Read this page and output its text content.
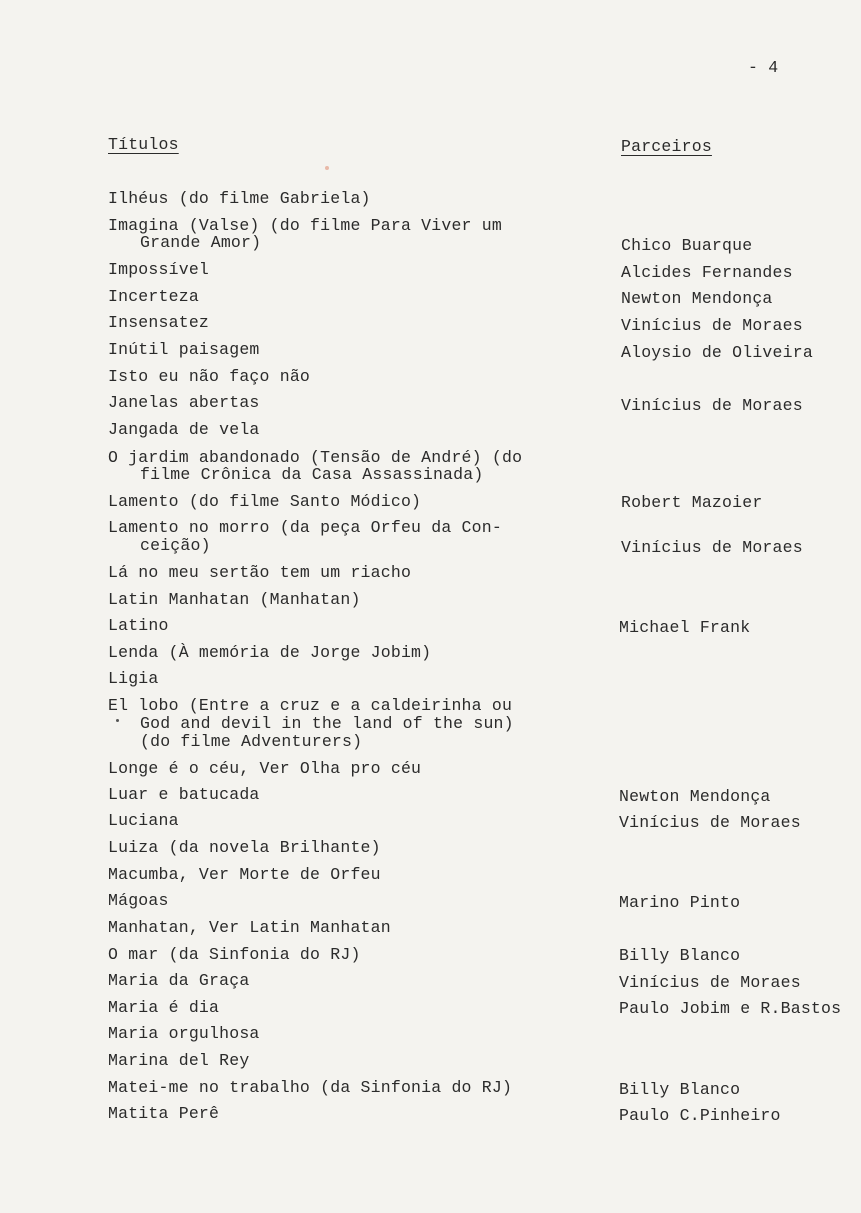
- 4
Títulos	Parceiros
Ilhéus (do filme Gabriela)
Imagina (Valse) (do filme Para Viver um
Grande Amor)
Impossível
Incerteza
Insensatez
Inútil paisagem
Isto eu não faço não
Janelas abertas
Jangada de vela
O jardim abandonado (Tensão de André) (do
filme Crônica da Casa Assassinada)
Lamento (do filme Santo Módico)
Lamento no morro (da peça Orfeu da Con-
ceição)
Lá no meu sertão tem um riacho
Latin Manhatan (Manhatan)
Latino
Lenda (À memória de Jorge Jobim)
Ligia
El lobo (Entre a cruz e a caldeirinha ou
God and devil in the land of the sun)
(do filme Adventurers)
Longe é o céu, Ver Olha pro céu
Luar e batucada
Luciana
Luiza (da novela Brilhante)
Macumba, Ver Morte de Orfeu
Mágoas
Manhatan, Ver Latin Manhatan
O mar (da Sinfonia do RJ)
Maria da Graça
Maria é dia
Maria orgulhosa
Marina del Rey
Matei-me no trabalho (da Sinfonia do RJ)
Matita Perê
Chico Buarque
Alcides Fernandes
Newton Mendonça
Vinícius de Moraes
Aloysio de Oliveira
Vinícius de Moraes
Robert Mazoier
Vinícius de Moraes
Michael Frank
Newton Mendonça
Vinícius de Moraes
Marino Pinto
Billy Blanco
Vinícius de Moraes
Paulo Jobim e R.Bastos
Billy Blanco
Paulo C.Pinheiro
